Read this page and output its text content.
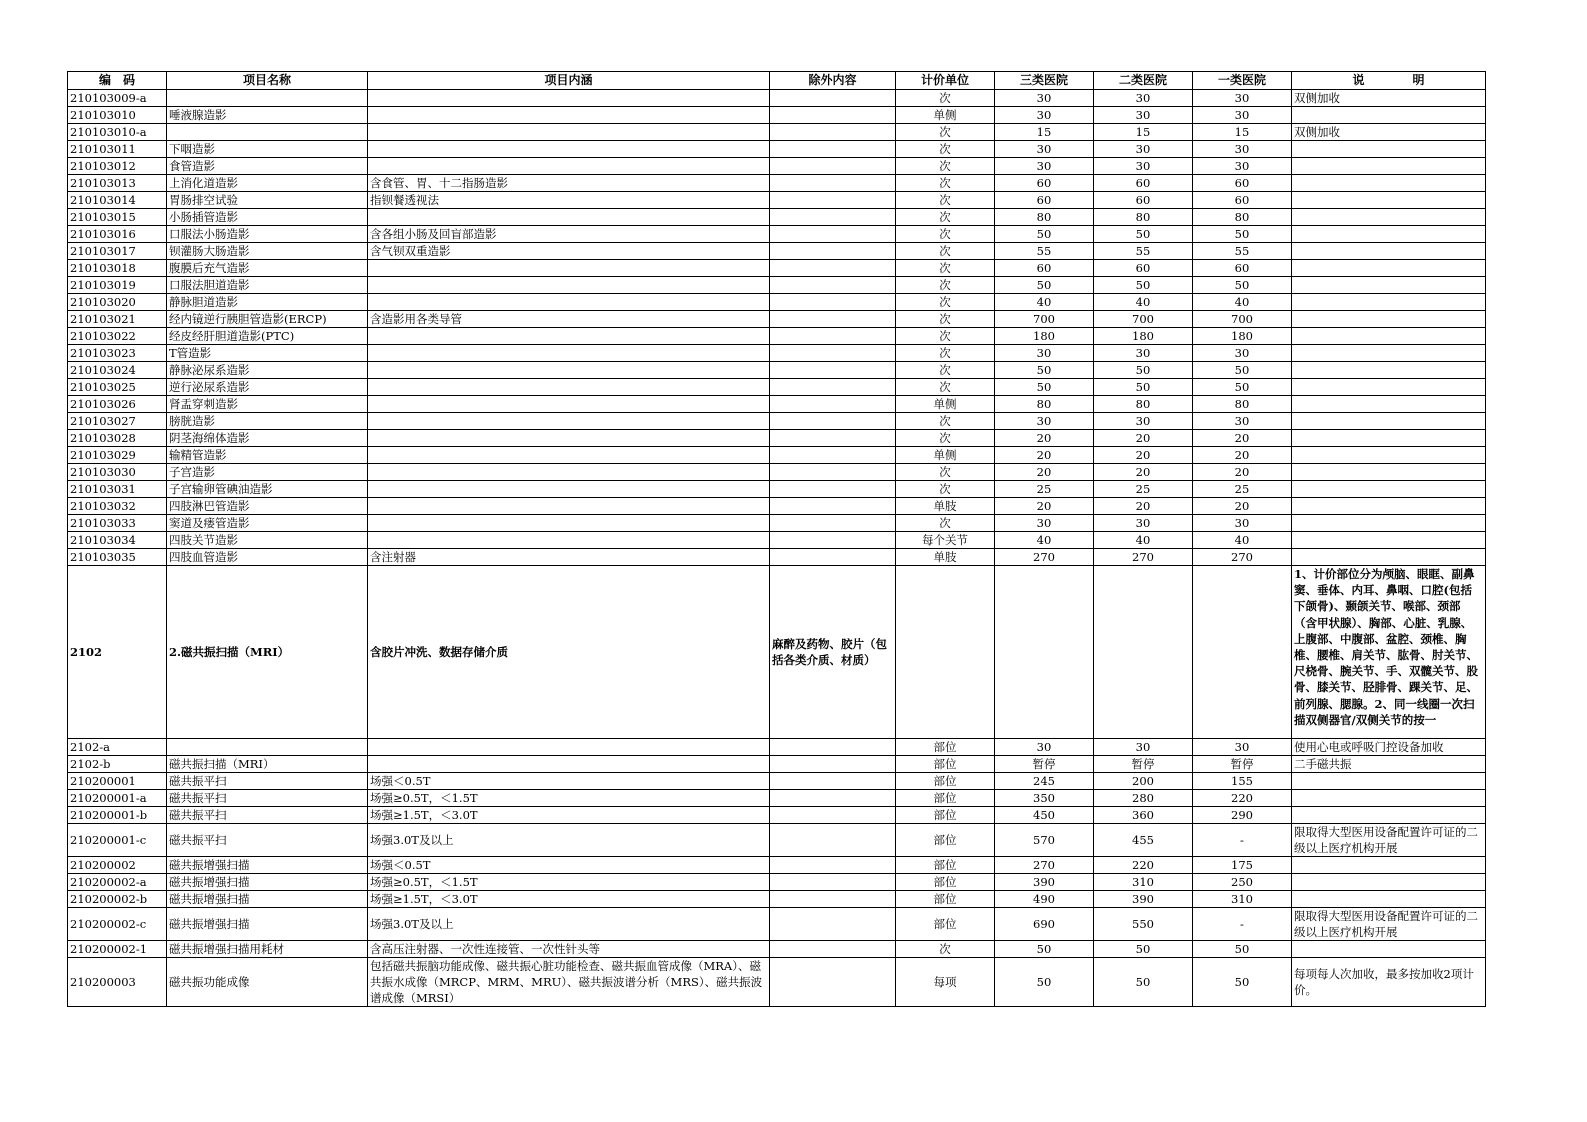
编　码	项目名称	项目内涵	除外内容	计价单位	三类医院	二类医院	一类医院	说　　　　明
210103009-a				次	30	30	30	双侧加收
210103010	唾液腺造影			单侧	30	30	30	
210103010-a				次	15	15	15	双侧加收
210103011	下咽造影			次	30	30	30	
210103012	食管造影			次	30	30	30	
210103013	上消化道造影	含食管、胃、十二指肠造影		次	60	60	60	
210103014	胃肠排空试验	指钡餐透视法		次	60	60	60	
210103015	小肠插管造影			次	80	80	80	
210103016	口服法小肠造影	含各组小肠及回盲部造影		次	50	50	50	
210103017	钡灌肠大肠造影	含气钡双重造影		次	55	55	55	
210103018	腹膜后充气造影			次	60	60	60	
210103019	口服法胆道造影			次	50	50	50	
210103020	静脉胆道造影			次	40	40	40	
210103021	经内镜逆行胰胆管造影(ERCP)	含造影用各类导管		次	700	700	700	
210103022	经皮经肝胆道造影(PTC)			次	180	180	180	
210103023	T管造影			次	30	30	30	
210103024	静脉泌尿系造影			次	50	50	50	
210103025	逆行泌尿系造影			次	50	50	50	
210103026	肾盂穿刺造影			单侧	80	80	80	
210103027	膀胱造影			次	30	30	30	
210103028	阴茎海绵体造影			次	20	20	20	
210103029	输精管造影			单侧	20	20	20	
210103030	子宫造影			次	20	20	20	
210103031	子宫输卵管碘油造影			次	25	25	25	
210103032	四肢淋巴管造影			单肢	20	20	20	
210103033	窦道及瘘管造影			次	30	30	30	
210103034	四肢关节造影			每个关节	40	40	40	
210103035	四肢血管造影	含注射器		单肢	270	270	270	
2102	2.磁共振扫描（MRI）	含胶片冲洗、数据存储介质	麻醉及药物、胶片（包括各类介质、材质）					1、计价部位分为颅脑、眼眶、副鼻窦、垂体、内耳、鼻咽、口腔(包括下颌骨)、颞颌关节、喉部、颈部（含甲状腺）、胸部、心脏、乳腺、上腹部、中腹部、盆腔、颈椎、胸椎、腰椎、肩关节、肱骨、肘关节、尺桡骨、腕关节、手、双髋关节、股骨、膝关节、胫腓骨、踝关节、足、前列腺、腮腺。2、同一线圈一次扫描双侧器官/双侧关节的按一
2102-a				部位	30	30	30	使用心电或呼吸门控设备加收
2102-b	磁共振扫描（MRI）			部位	暂停	暂停	暂停	二手磁共振
210200001	磁共振平扫	场强＜0.5T		部位	245	200	155	
210200001-a	磁共振平扫	场强≥0.5T，＜1.5T		部位	350	280	220	
210200001-b	磁共振平扫	场强≥1.5T，＜3.0T		部位	450	360	290	
210200001-c	磁共振平扫	场强3.0T及以上		部位	570	455	-	限取得大型医用设备配置许可证的二级以上医疗机构开展
210200002	磁共振增强扫描	场强＜0.5T		部位	270	220	175	
210200002-a	磁共振增强扫描	场强≥0.5T，＜1.5T		部位	390	310	250	
210200002-b	磁共振增强扫描	场强≥1.5T，＜3.0T		部位	490	390	310	
210200002-c	磁共振增强扫描	场强3.0T及以上		部位	690	550	-	限取得大型医用设备配置许可证的二级以上医疗机构开展
210200002-1	磁共振增强扫描用耗材	含高压注射器、一次性连接管、一次性针头等		次	50	50	50	
210200003	磁共振功能成像	包括磁共振脑功能成像、磁共振心脏功能检查、磁共振血管成像（MRA）、磁共振水成像（MRCP、MRM、MRU）、磁共振波谱分析（MRS）、磁共振波谱成像（MRSI）		每项	50	50	50	每项每人次加收，最多按加收2项计价。
